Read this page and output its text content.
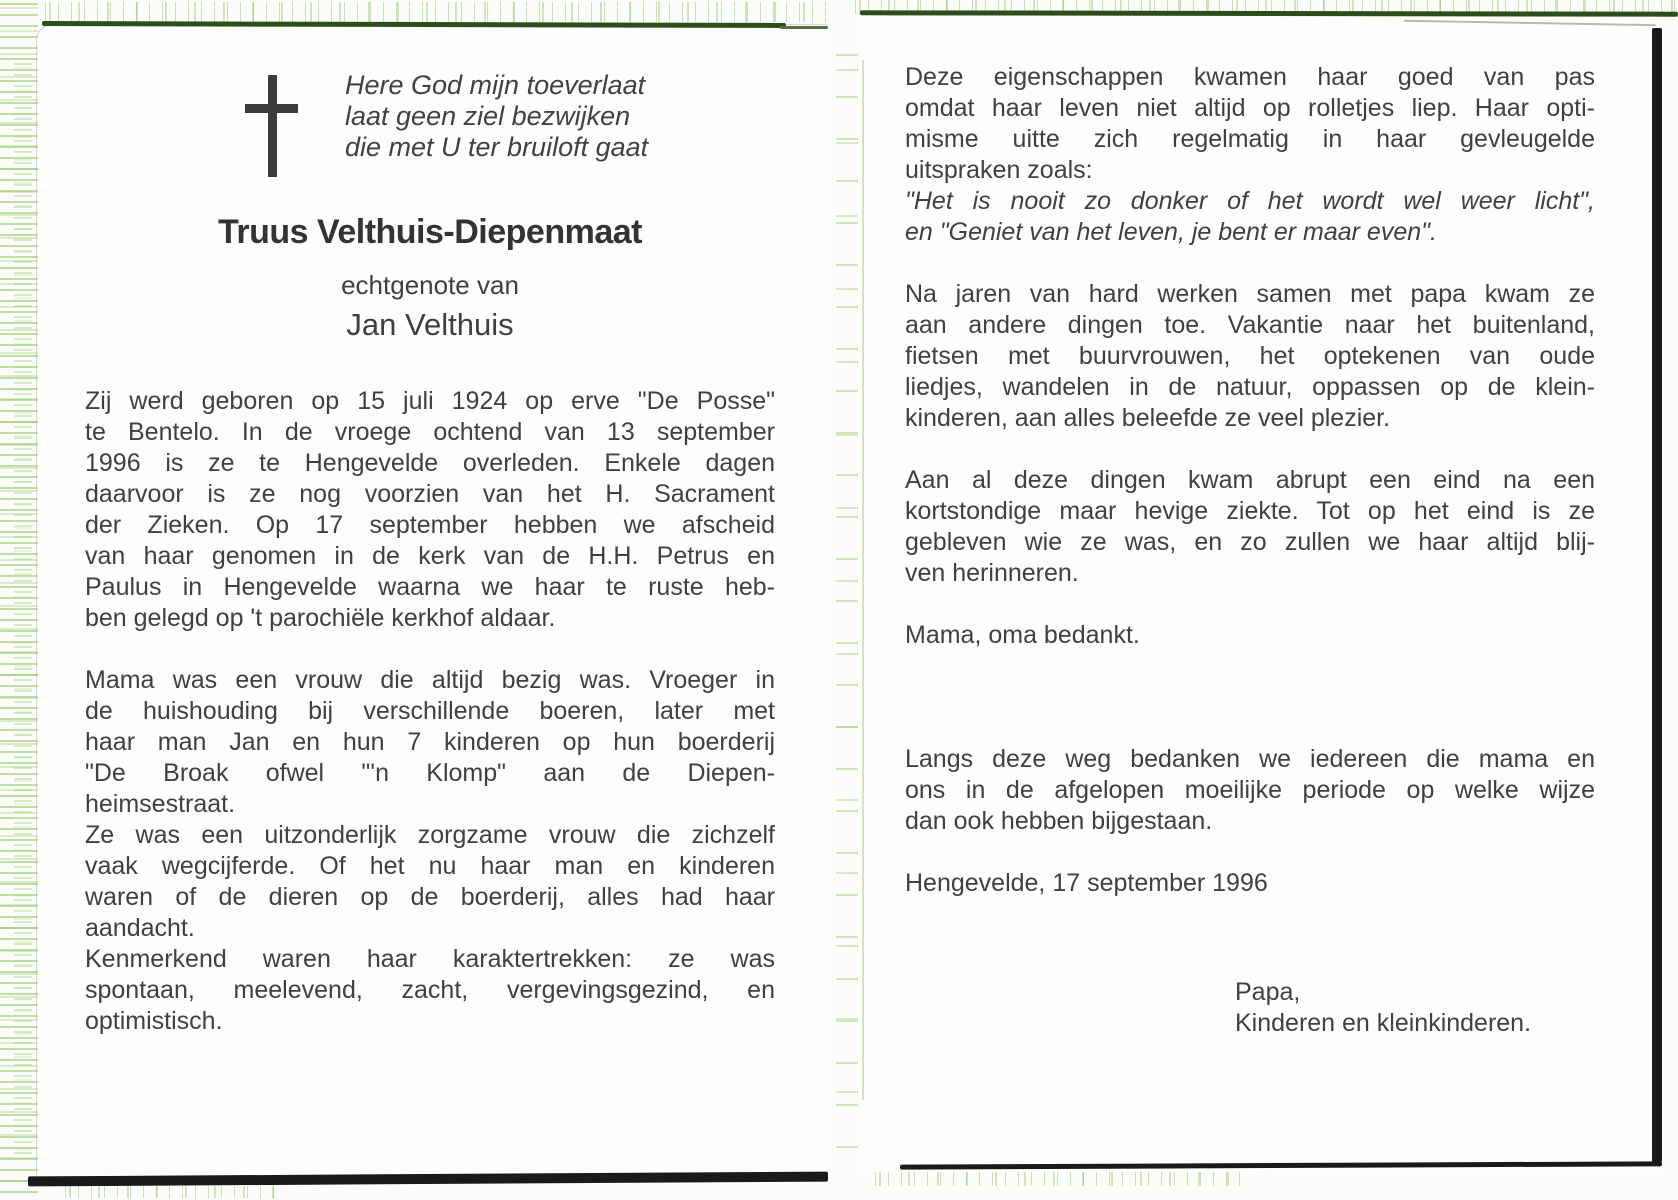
Here God mijn toeverlaat
laat geen ziel bezwijken
die met U ter bruiloft gaat
Truus Velthuis-Diepenmaat
echtgenote van
Jan Velthuis
Zij werd geboren op 15 juli 1924 op erve "De Posse"
te Bentelo. In de vroege ochtend van 13 september
1996 is ze te Hengevelde overleden. Enkele dagen
daarvoor is ze nog voorzien van het H. Sacrament
der Zieken. Op 17 september hebben we afscheid
van haar genomen in de kerk van de H.H. Petrus en
Paulus in Hengevelde waarna we haar te ruste heb-
ben gelegd op 't parochiële kerkhof aldaar.
Mama was een vrouw die altijd bezig was. Vroeger in
de huishouding bij verschillende boeren, later met
haar man Jan en hun 7 kinderen op hun boerderij
"De Broak ofwel "'n Klomp" aan de Diepen-
heimsestraat.
Ze was een uitzonderlijk zorgzame vrouw die zichzelf
vaak wegcijferde. Of het nu haar man en kinderen
waren of de dieren op de boerderij, alles had haar
aandacht.
Kenmerkend waren haar karaktertrekken: ze was
spontaan, meelevend, zacht, vergevingsgezind, en
optimistisch.
Deze eigenschappen kwamen haar goed van pas
omdat haar leven niet altijd op rolletjes liep. Haar opti-
misme uitte zich regelmatig in haar gevleugelde
uitspraken zoals:
"Het is nooit zo donker of het wordt wel weer licht",
en "Geniet van het leven, je bent er maar even".
Na jaren van hard werken samen met papa kwam ze
aan andere dingen toe. Vakantie naar het buitenland,
fietsen met buurvrouwen, het optekenen van oude
liedjes, wandelen in de natuur, oppassen op de klein-
kinderen, aan alles beleefde ze veel plezier.
Aan al deze dingen kwam abrupt een eind na een
kortstondige maar hevige ziekte. Tot op het eind is ze
gebleven wie ze was, en zo zullen we haar altijd blij-
ven herinneren.
Mama, oma bedankt.
Langs deze weg bedanken we iedereen die mama en
ons in de afgelopen moeilijke periode op welke wijze
dan ook hebben bijgestaan.
Hengevelde, 17 september 1996
Papa,
Kinderen en kleinkinderen.
